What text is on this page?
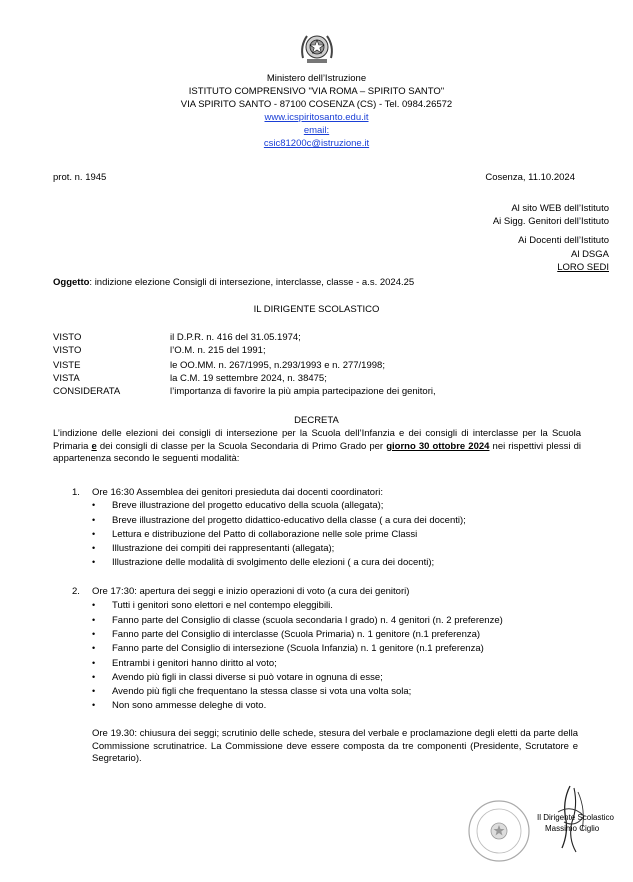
Ministero dell’Istruzione
ISTITUTO COMPRENSIVO "VIA ROMA – SPIRITO SANTO"
VIA SPIRITO SANTO - 87100 COSENZA (CS) - Tel. 0984.26572
www.icspiritosanto.edu.it
email:
csic81200c@istruzione.it
prot. n. 1945	Cosenza, 11.10.2024
Al sito WEB dell’Istituto
Ai Sigg. Genitori dell’Istituto
Ai Docenti dell’Istituto
Al DSGA
LORO SEDI
Oggetto: indizione elezione Consigli di intersezione, interclasse, classe - a.s. 2024.25
IL DIRIGENTE SCOLASTICO
VISTO	il D.P.R. n. 416 del 31.05.1974;
VISTO	l’O.M. n. 215 del 1991;
VISTE	le OO.MM. n. 267/1995, n.293/1993 e n. 277/1998;
VISTA	la C.M. 19 settembre 2024, n. 38475;
CONSIDERATA	l’importanza di favorire la più ampia partecipazione dei genitori,
DECRETA
L’indizione delle elezioni dei consigli di intersezione per la Scuola dell’Infanzia e dei consigli di interclasse per la Scuola Primaria e dei consigli di classe per la Scuola Secondaria di Primo Grado per giorno 30 ottobre 2024 nei rispettivi plessi di appartenenza secondo le seguenti modalità:
1. Ore 16:30 Assemblea dei genitori presieduta dai docenti coordinatori:
• Breve illustrazione del progetto educativo della scuola (allegata);
• Breve illustrazione del progetto didattico-educativo della classe ( a cura dei docenti);
• Lettura e distribuzione del Patto di collaborazione nelle sole prime Classi
• Illustrazione dei compiti dei rappresentanti (allegata);
• Illustrazione delle modalità di svolgimento delle elezioni ( a cura dei docenti);
2. Ore 17:30: apertura dei seggi e inizio operazioni di voto (a cura dei genitori)
• Tutti i genitori sono elettori e nel contempo eleggibili.
• Fanno parte del Consiglio di classe (scuola secondaria I grado) n. 4 genitori (n. 2 preferenze)
• Fanno parte del Consiglio di interclasse (Scuola Primaria) n. 1 genitore (n.1 preferenza)
• Fanno parte del Consiglio di intersezione (Scuola Infanzia) n. 1 genitore (n.1 preferenza)
• Entrambi i genitori hanno diritto al voto;
• Avendo più figli in classi diverse si può votare in ognuna di esse;
• Avendo più figli che frequentano la stessa classe si vota una volta sola;
• Non sono ammesse deleghe di voto.
Ore 19.30: chiusura dei seggi; scrutinio delle schede, stesura del verbale e proclamazione degli eletti da parte della Commissione scrutinatrice. La Commissione deve essere composta da tre componenti (Presidente, Scrutatore e Segretario).
Il Dirigente Scolastico
Massimo Ciglio
